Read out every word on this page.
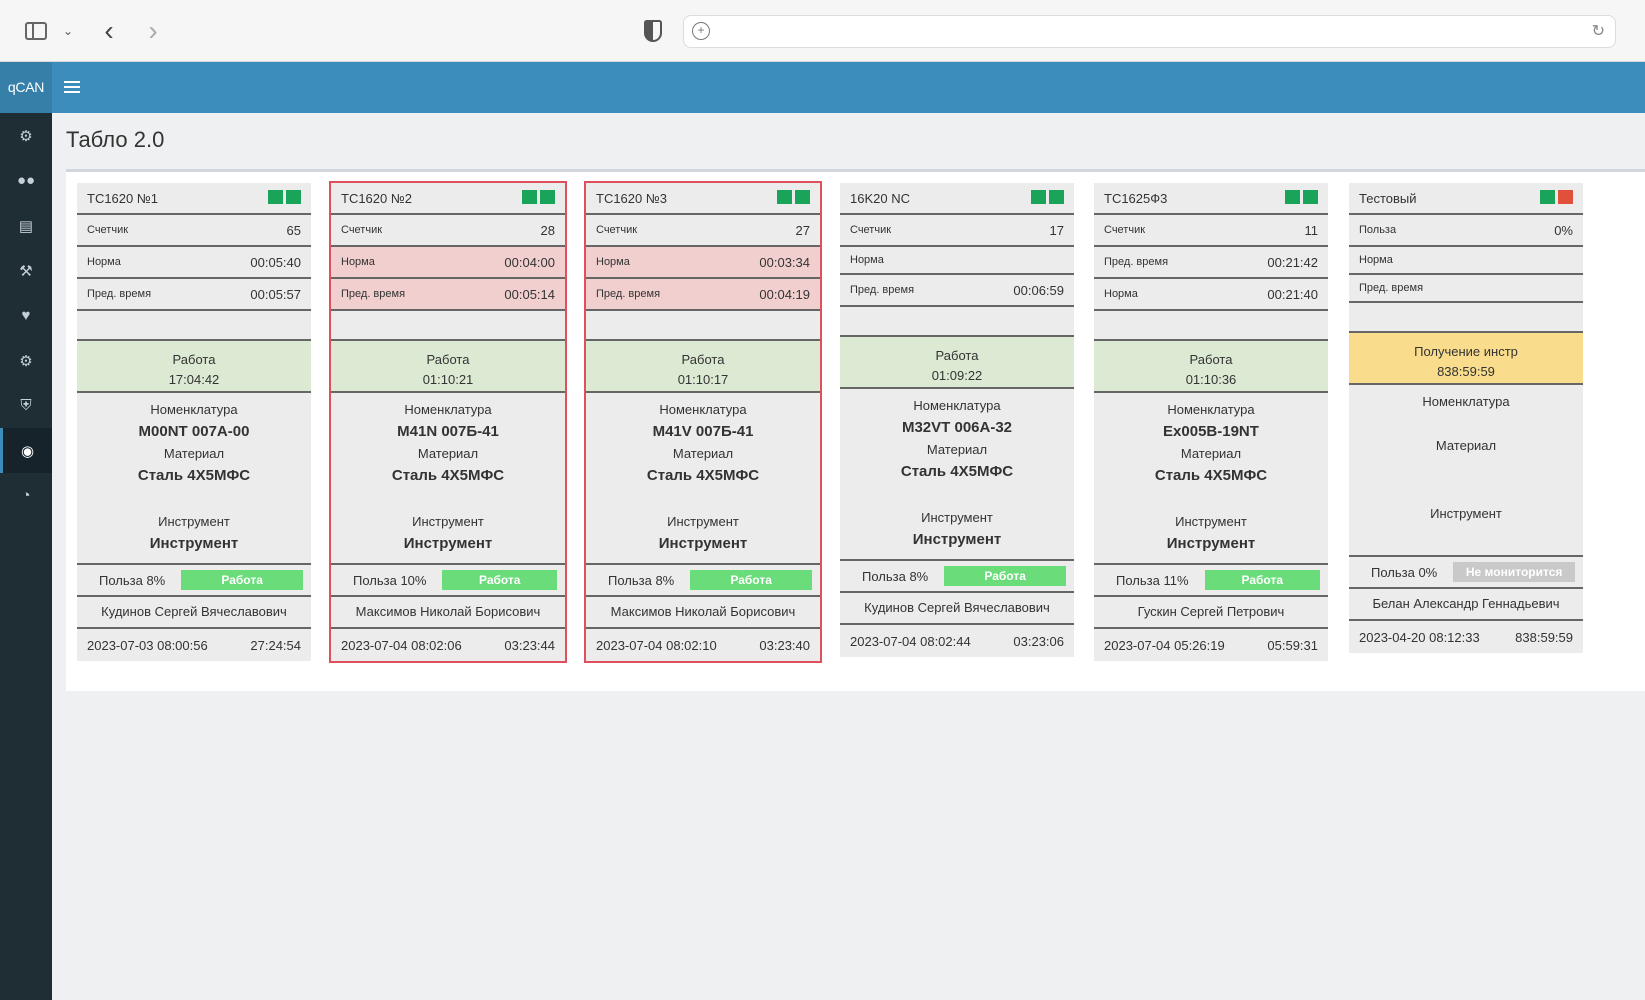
⌄ ‹ ›	+	↻
qCAN
⚙
●●
▤
⚒
♥
⚙
⛨
◉
◔
Табло 2.0
ТС1620 №1
Счетчик	65
Норма	00:05:40
Пред. время	00:05:57
Работа
17:04:42
Номенклатура
M00NT 007A-00
Материал
Сталь 4Х5МФС
Инструмент
Инструмент
Польза 8%	Работа
Кудинов Сергей Вячеславович
2023-07-03 08:00:56	27:24:54
ТС1620 №2
Счетчик	28
Норма	00:04:00
Пред. время	00:05:14
Работа
01:10:21
Номенклатура
M41N 007Б-41
Материал
Сталь 4Х5МФС
Инструмент
Инструмент
Польза 10%	Работа
Максимов Николай Борисович
2023-07-04 08:02:06	03:23:44
ТС1620 №3
Счетчик	27
Норма	00:03:34
Пред. время	00:04:19
Работа
01:10:17
Номенклатура
M41V 007Б-41
Материал
Сталь 4Х5МФС
Инструмент
Инструмент
Польза 8%	Работа
Максимов Николай Борисович
2023-07-04 08:02:10	03:23:40
16K20 NC
Счетчик	17
Норма
Пред. время	00:06:59
Работа
01:09:22
Номенклатура
M32VT 006A-32
Материал
Сталь 4Х5МФС
Инструмент
Инструмент
Польза 8%	Работа
Кудинов Сергей Вячеславович
2023-07-04 08:02:44	03:23:06
ТС1625Ф3
Счетчик	11
Пред. время	00:21:42
Норма	00:21:40
Работа
01:10:36
Номенклатура
Ex005B-19NT
Материал
Сталь 4Х5МФС
Инструмент
Инструмент
Польза 11%	Работа
Гускин Сергей Петрович
2023-07-04 05:26:19	05:59:31
Тестовый
Польза	0%
Норма
Пред. время
Получение инстр
838:59:59
Номенклатура
Материал
Инструмент
Польза 0%	Не мониторится
Белан Александр Геннадьевич
2023-04-20 08:12:33	838:59:59
